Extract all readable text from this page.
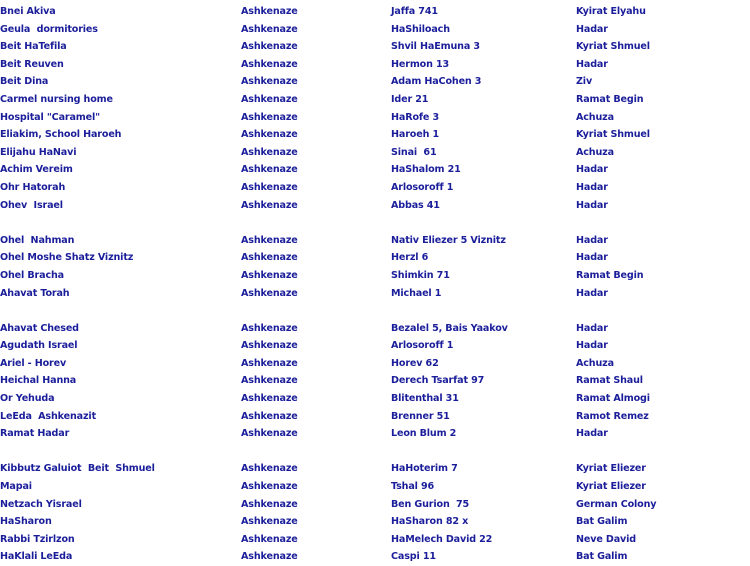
Bnei Akiva	Ashkenaze	Jaffa 741	Kyirat Elyahu
Geula  dormitories	Ashkenaze	HaShiloach	Hadar
Beit HaTefila	Ashkenaze	Shvil HaEmuna 3	Kyriat Shmuel
Beit Reuven	Ashkenaze	Hermon 13	Hadar
Beit Dina	Ashkenaze	Adam HaCohen 3	Ziv
Carmel nursing home	Ashkenaze	Ider 21	Ramat Begin
Hospital "Caramel"	Ashkenaze	HaRofe 3	Achuza
Eliakim, School Haroeh	Ashkenaze	Haroeh 1	Kyriat Shmuel
Elijahu HaNavi	Ashkenaze	Sinai  61	Achuza
Achim Vereim	Ashkenaze	HaShalom 21	Hadar
Ohr Hatorah	Ashkenaze	Arlosoroff 1	Hadar
Ohev  Israel	Ashkenaze	Abbas 41	Hadar
Ohel  Nahman	Ashkenaze	Nativ Eliezer 5 Viznitz	Hadar
Ohel Moshe Shatz Viznitz	Ashkenaze	Herzl 6	Hadar
Ohel Bracha	Ashkenaze	Shimkin 71	Ramat Begin
Ahavat Torah	Ashkenaze	Michael 1	Hadar
Ahavat Chesed	Ashkenaze	Bezalel 5, Bais Yaakov	Hadar
Agudath Israel	Ashkenaze	Arlosoroff 1	Hadar
Ariel - Horev	Ashkenaze	Horev 62	Achuza
Heichal Hanna	Ashkenaze	Derech Tsarfat 97	Ramat Shaul
Or Yehuda	Ashkenaze	Blitenthal 31	Ramat Almogi
LeEda  Ashkenazit	Ashkenaze	Brenner 51	Ramot Remez
Ramat Hadar	Ashkenaze	Leon Blum 2	Hadar
Kibbutz Galuiot  Beit  Shmuel	Ashkenaze	HaHoterim 7	Kyriat Eliezer
Mapai	Ashkenaze	Tshal 96	Kyriat Eliezer
Netzach Yisrael	Ashkenaze	Ben Gurion  75	German Colony
HaSharon	Ashkenaze	HaSharon 82 x	Bat Galim
Rabbi Tzirlzon	Ashkenaze	HaMelech David 22	Neve David
HaKlali LeEda	Ashkenaze	Caspi 11	Bat Galim
